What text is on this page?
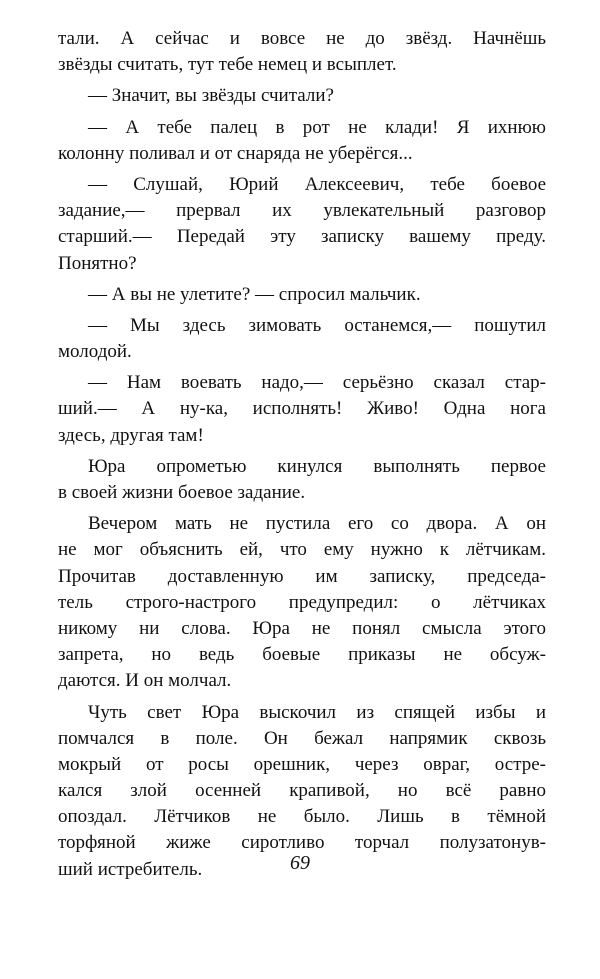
тали. А сейчас и вовсе не до звёзд. Начнёшь
звёзды считать, тут тебе немец и всыплет.
— Значит, вы звёзды считали?
— А тебе палец в рот не клади! Я ихнюю
колонну поливал и от снаряда не уберёгся...
— Слушай, Юрий Алексеевич, тебе боевое
задание,— прервал их увлекательный разговор
старший.— Передай эту записку вашему преду.
Понятно?
— А вы не улетите? — спросил мальчик.
— Мы здесь зимовать останемся,— пошутил
молодой.
— Нам воевать надо,— серьёзно сказал стар-
ший.— А ну-ка, исполнять! Живо! Одна нога
здесь, другая там!
Юра опрометью кинулся выполнять первое
в своей жизни боевое задание.
Вечером мать не пустила его со двора. А он
не мог объяснить ей, что ему нужно к лётчикам.
Прочитав доставленную им записку, председа-
тель строго-настрого предупредил: о лётчиках
никому ни слова. Юра не понял смысла этого
запрета, но ведь боевые приказы не обсуж-
даются. И он молчал.
Чуть свет Юра выскочил из спящей избы и
помчался в поле. Он бежал напрямик сквозь
мокрый от росы орешник, через овраг, остре-
кался злой осенней крапивой, но всё равно
опоздал. Лётчиков не было. Лишь в тёмной
торфяной жиже сиротливо торчал полузатонув-
ший истребитель.	69
